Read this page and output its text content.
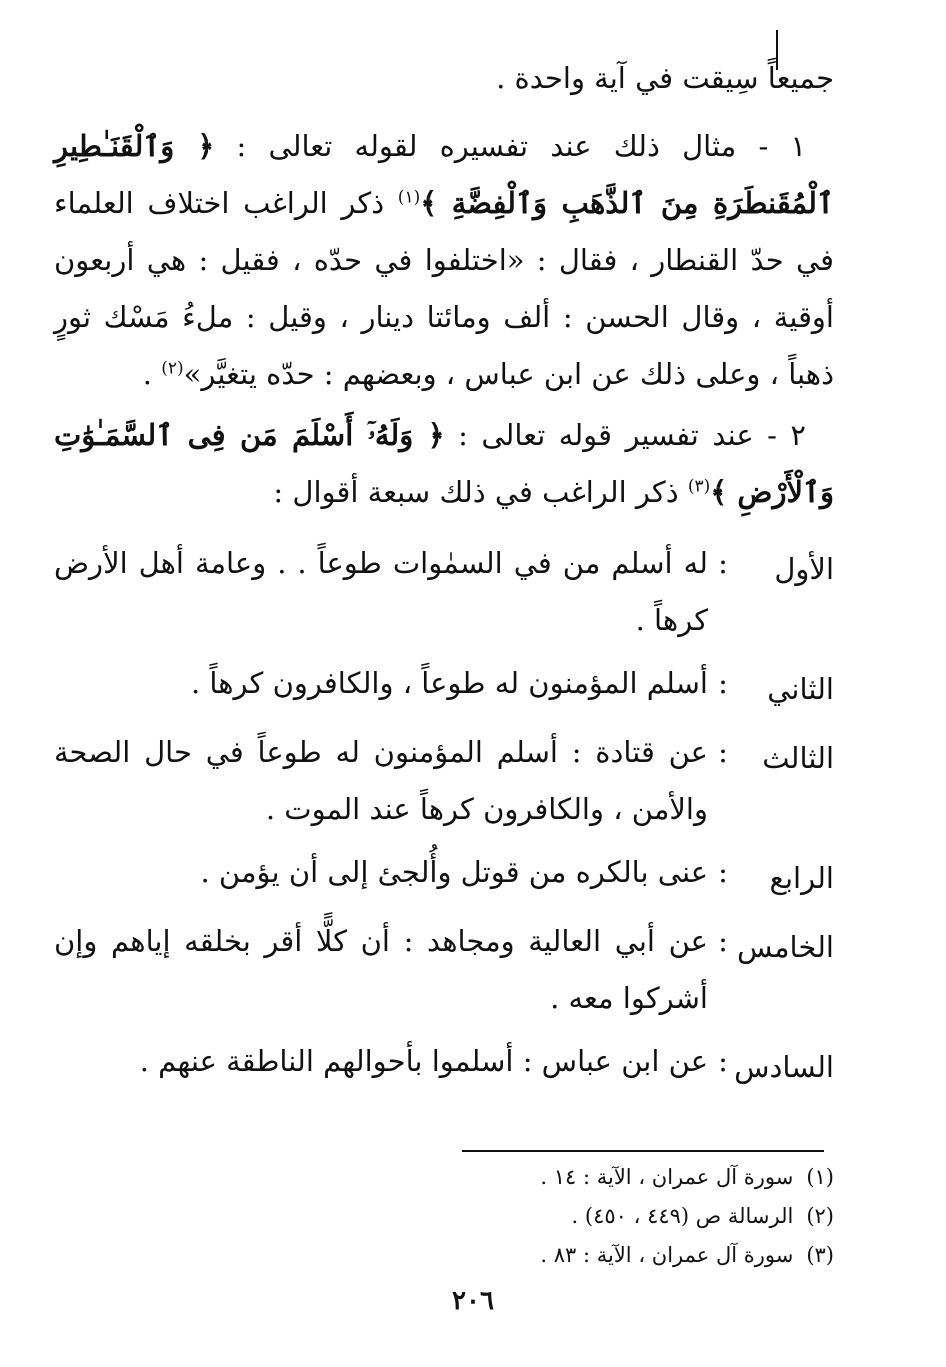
جميعاً سِيقت في آية واحدة .
١ - مثال ذلك عند تفسيره لقوله تعالى : ﴿ وَٱلْقَنَـٰطِيرِ ٱلْمُقَنطَرَةِ مِنَ ٱلذَّهَبِ وَٱلْفِضَّةِ ﴾$^{(١)}$ ذكر الراغب اختلاف العلماء في حدّ القنطار ، فقال : «اختلفوا في حدّه ، فقيل : هي أربعون أوقية ، وقال الحسن : ألف ومائتا دينار ، وقيل : ملءُ مَسْك ثورٍ ذهباً ، وعلى ذلك عن ابن عباس ، وبعضهم : حدّه يتغيَّر»$^{(٢)}$ .
٢ - عند تفسير قوله تعالى : ﴿ وَلَهُۥٓ أَسْلَمَ مَن فِى ٱلسَّمَـٰوَٰتِ وَٱلْأَرْضِ ﴾$^{(٣)}$ ذكر الراغب في ذلك سبعة أقوال :
الأول
:
له أسلم من في السمٰوات طوعاً . . وعامة أهل الأرض كرهاً .
الثاني
:
أسلم المؤمنون له طوعاً ، والكافرون كرهاً .
الثالث
:
عن قتادة : أسلم المؤمنون له طوعاً في حال الصحة والأمن ، والكافرون كرهاً عند الموت .
الرابع
:
عنى بالكره من قوتل وأُلجئ إلى أن يؤمن .
الخامس
:
عن أبي العالية ومجاهد : أن كلًّا أقر بخلقه إياهم وإن أشركوا معه .
السادس
:
عن ابن عباس : أسلموا بأحوالهم الناطقة عنهم .
(١) سورة آل عمران ، الآية : ١٤ .
(٢) الرسالة ص (٤٤٩ ، ٤٥٠) .
(٣) سورة آل عمران ، الآية : ٨٣ .
٢٠٦
